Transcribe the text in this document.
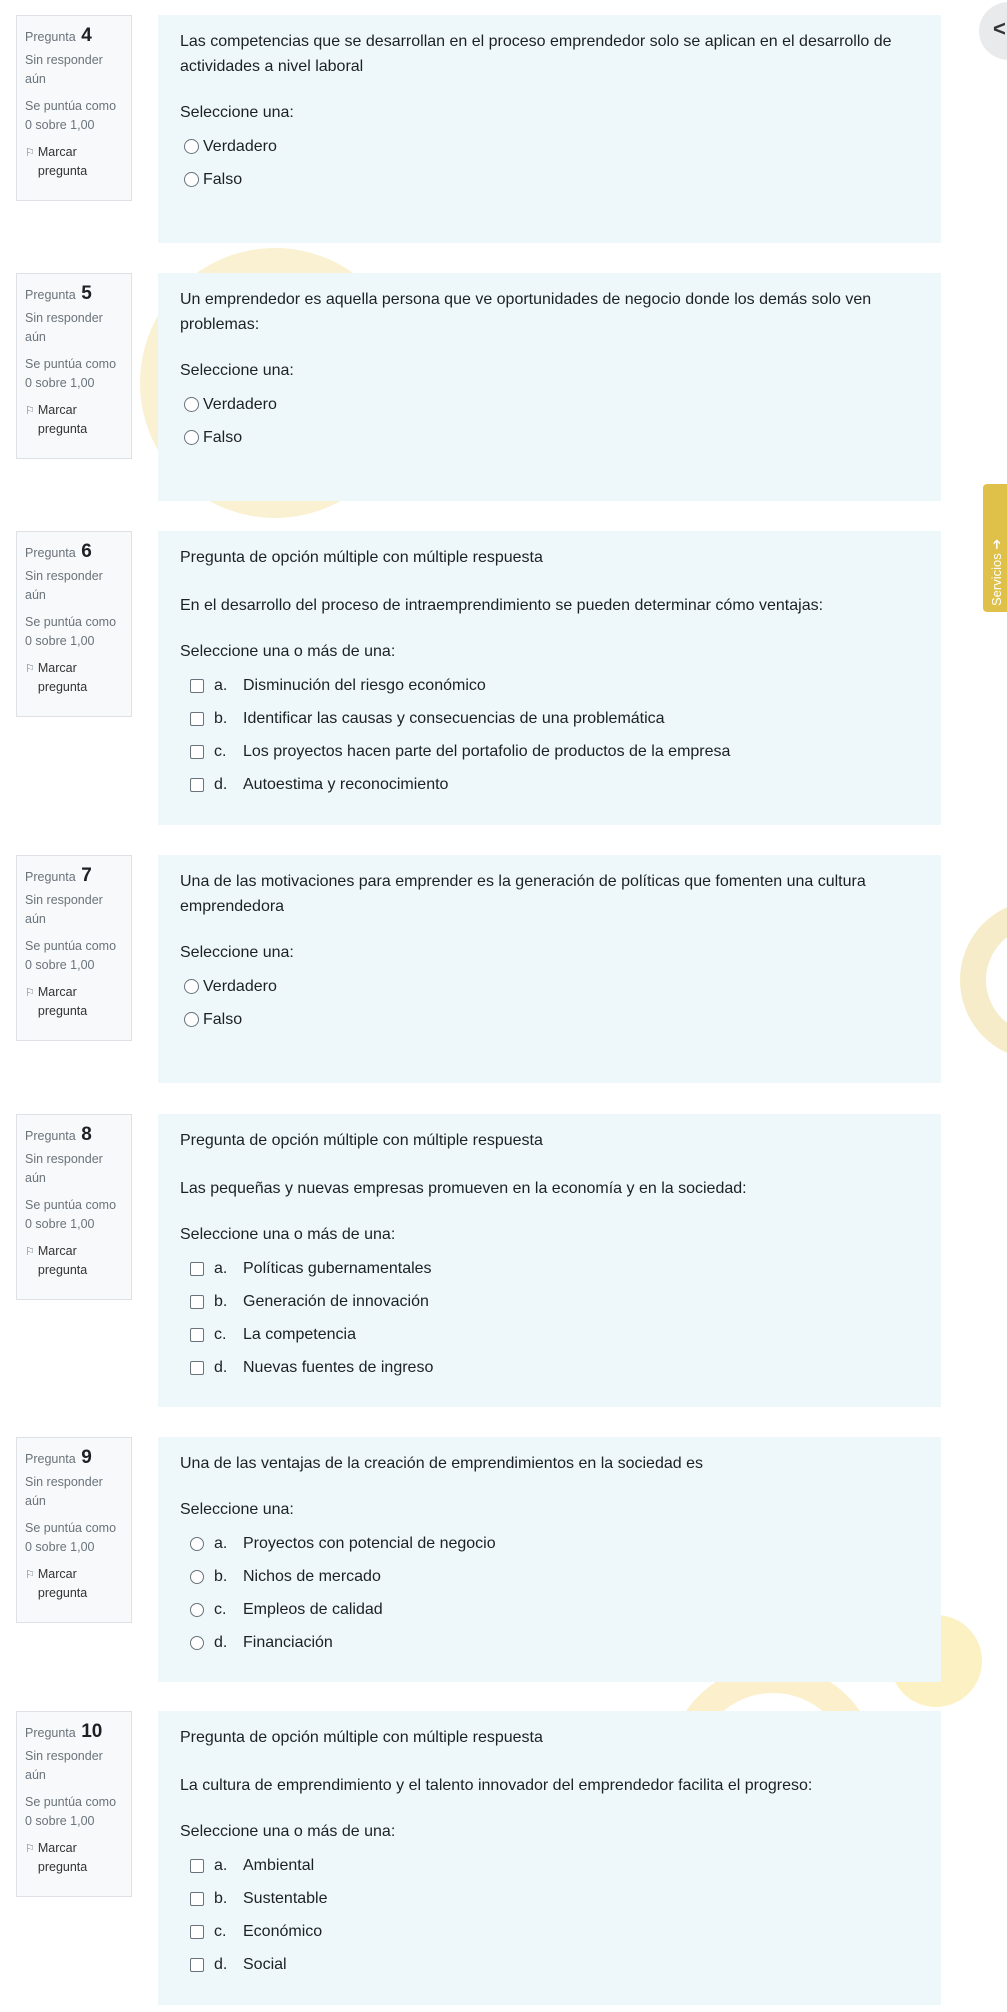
<
Servicios ➔
Pregunta 4
Sin responder aún
Se puntúa como 0 sobre 1,00
⚐ Marcar pregunta

Las competencias que se desarrollan en el proceso emprendedor solo se aplican en el desarrollo de actividades a nivel laboral

Seleccione una:
Verdadero
Falso
Pregunta 5
Sin responder aún
Se puntúa como 0 sobre 1,00
⚐ Marcar pregunta

Un emprendedor es aquella persona que ve oportunidades de negocio donde los demás solo ven problemas:

Seleccione una:
Verdadero
Falso
Pregunta 6
Sin responder aún
Se puntúa como 0 sobre 1,00
⚐ Marcar pregunta

Pregunta de opción múltiple con múltiple respuesta

En el desarrollo del proceso de intraemprendimiento se pueden determinar cómo ventajas:

Seleccione una o más de una:
a. Disminución del riesgo económico
b. Identificar las causas y consecuencias de una problemática
c.	Los proyectos hacen parte del portafolio de productos de la empresa
d. Autoestima y reconocimiento
Pregunta 7
Sin responder aún
Se puntúa como 0 sobre 1,00
⚐ Marcar pregunta

Una de las motivaciones para emprender es la generación de políticas que fomenten una cultura emprendedora

Seleccione una:
Verdadero
Falso
Pregunta 8
Sin responder aún
Se puntúa como 0 sobre 1,00
⚐ Marcar pregunta

Pregunta de opción múltiple con múltiple respuesta

Las pequeñas y nuevas empresas promueven en la economía y en la sociedad:

Seleccione una o más de una:
a. Políticas gubernamentales
b. Generación de innovación
c.	La competencia
d. Nuevas fuentes de ingreso
Pregunta 9
Sin responder aún
Se puntúa como 0 sobre 1,00
⚐ Marcar pregunta

Una de las ventajas de la creación de emprendimientos en la sociedad es

Seleccione una:
a. Proyectos con potencial de negocio
b. Nichos de mercado
c.	Empleos de calidad
d. Financiación
Pregunta 10
Sin responder aún
Se puntúa como 0 sobre 1,00
⚐ Marcar pregunta

Pregunta de opción múltiple con múltiple respuesta

La cultura de emprendimiento y el talento innovador del emprendedor facilita el progreso:

Seleccione una o más de una:
a. Ambiental
b. Sustentable
c.	Económico
d. Social
